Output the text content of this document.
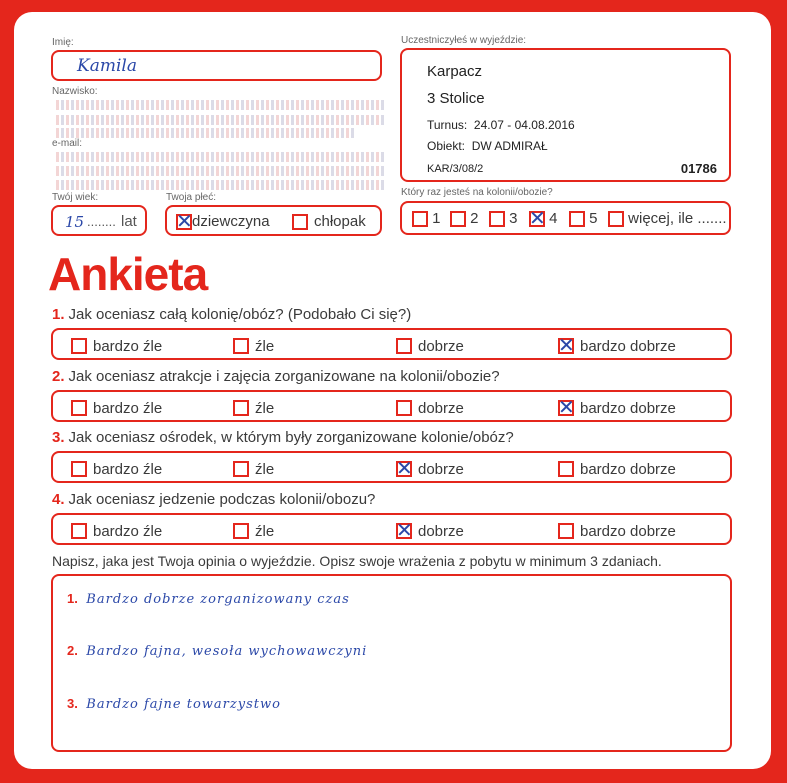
Imię:
Kamila
Nazwisko:
e-mail:
Twój wiek:
15 ........ lat
Twoja płeć:
✕ dziewczyna	chłopak
Uczestniczyłeś w wyjeździe:
Karpacz
3 Stolice
Turnus: 24.07 - 04.08.2016
Obiekt: DW ADMIRAŁ
KAR/3/08/2	01786
Który raz jesteś na kolonii/obozie?
1	2	3 ✕ 4	5	więcej, ile .......
Ankieta
1. Jak oceniasz całą kolonię/obóz? (Podobało Ci się?)
bardzo źle	źle	dobrze	✕ bardzo dobrze
2. Jak oceniasz atrakcje i zajęcia zorganizowane na kolonii/obozie?
bardzo źle	źle	dobrze	✕ bardzo dobrze
3. Jak oceniasz ośrodek, w którym były zorganizowane kolonie/obóz?
bardzo źle	źle	✕ dobrze	bardzo dobrze
4. Jak oceniasz jedzenie podczas kolonii/obozu?
bardzo źle	źle	✕ dobrze	bardzo dobrze
Napisz, jaka jest Twoja opinia o wyjeździe. Opisz swoje wrażenia z pobytu w minimum 3 zdaniach.
1. Bardzo dobrze zorganizowany czas
2. Bardzo fajna, wesoła wychowawczyni
3. Bardzo fajne towarzystwo
